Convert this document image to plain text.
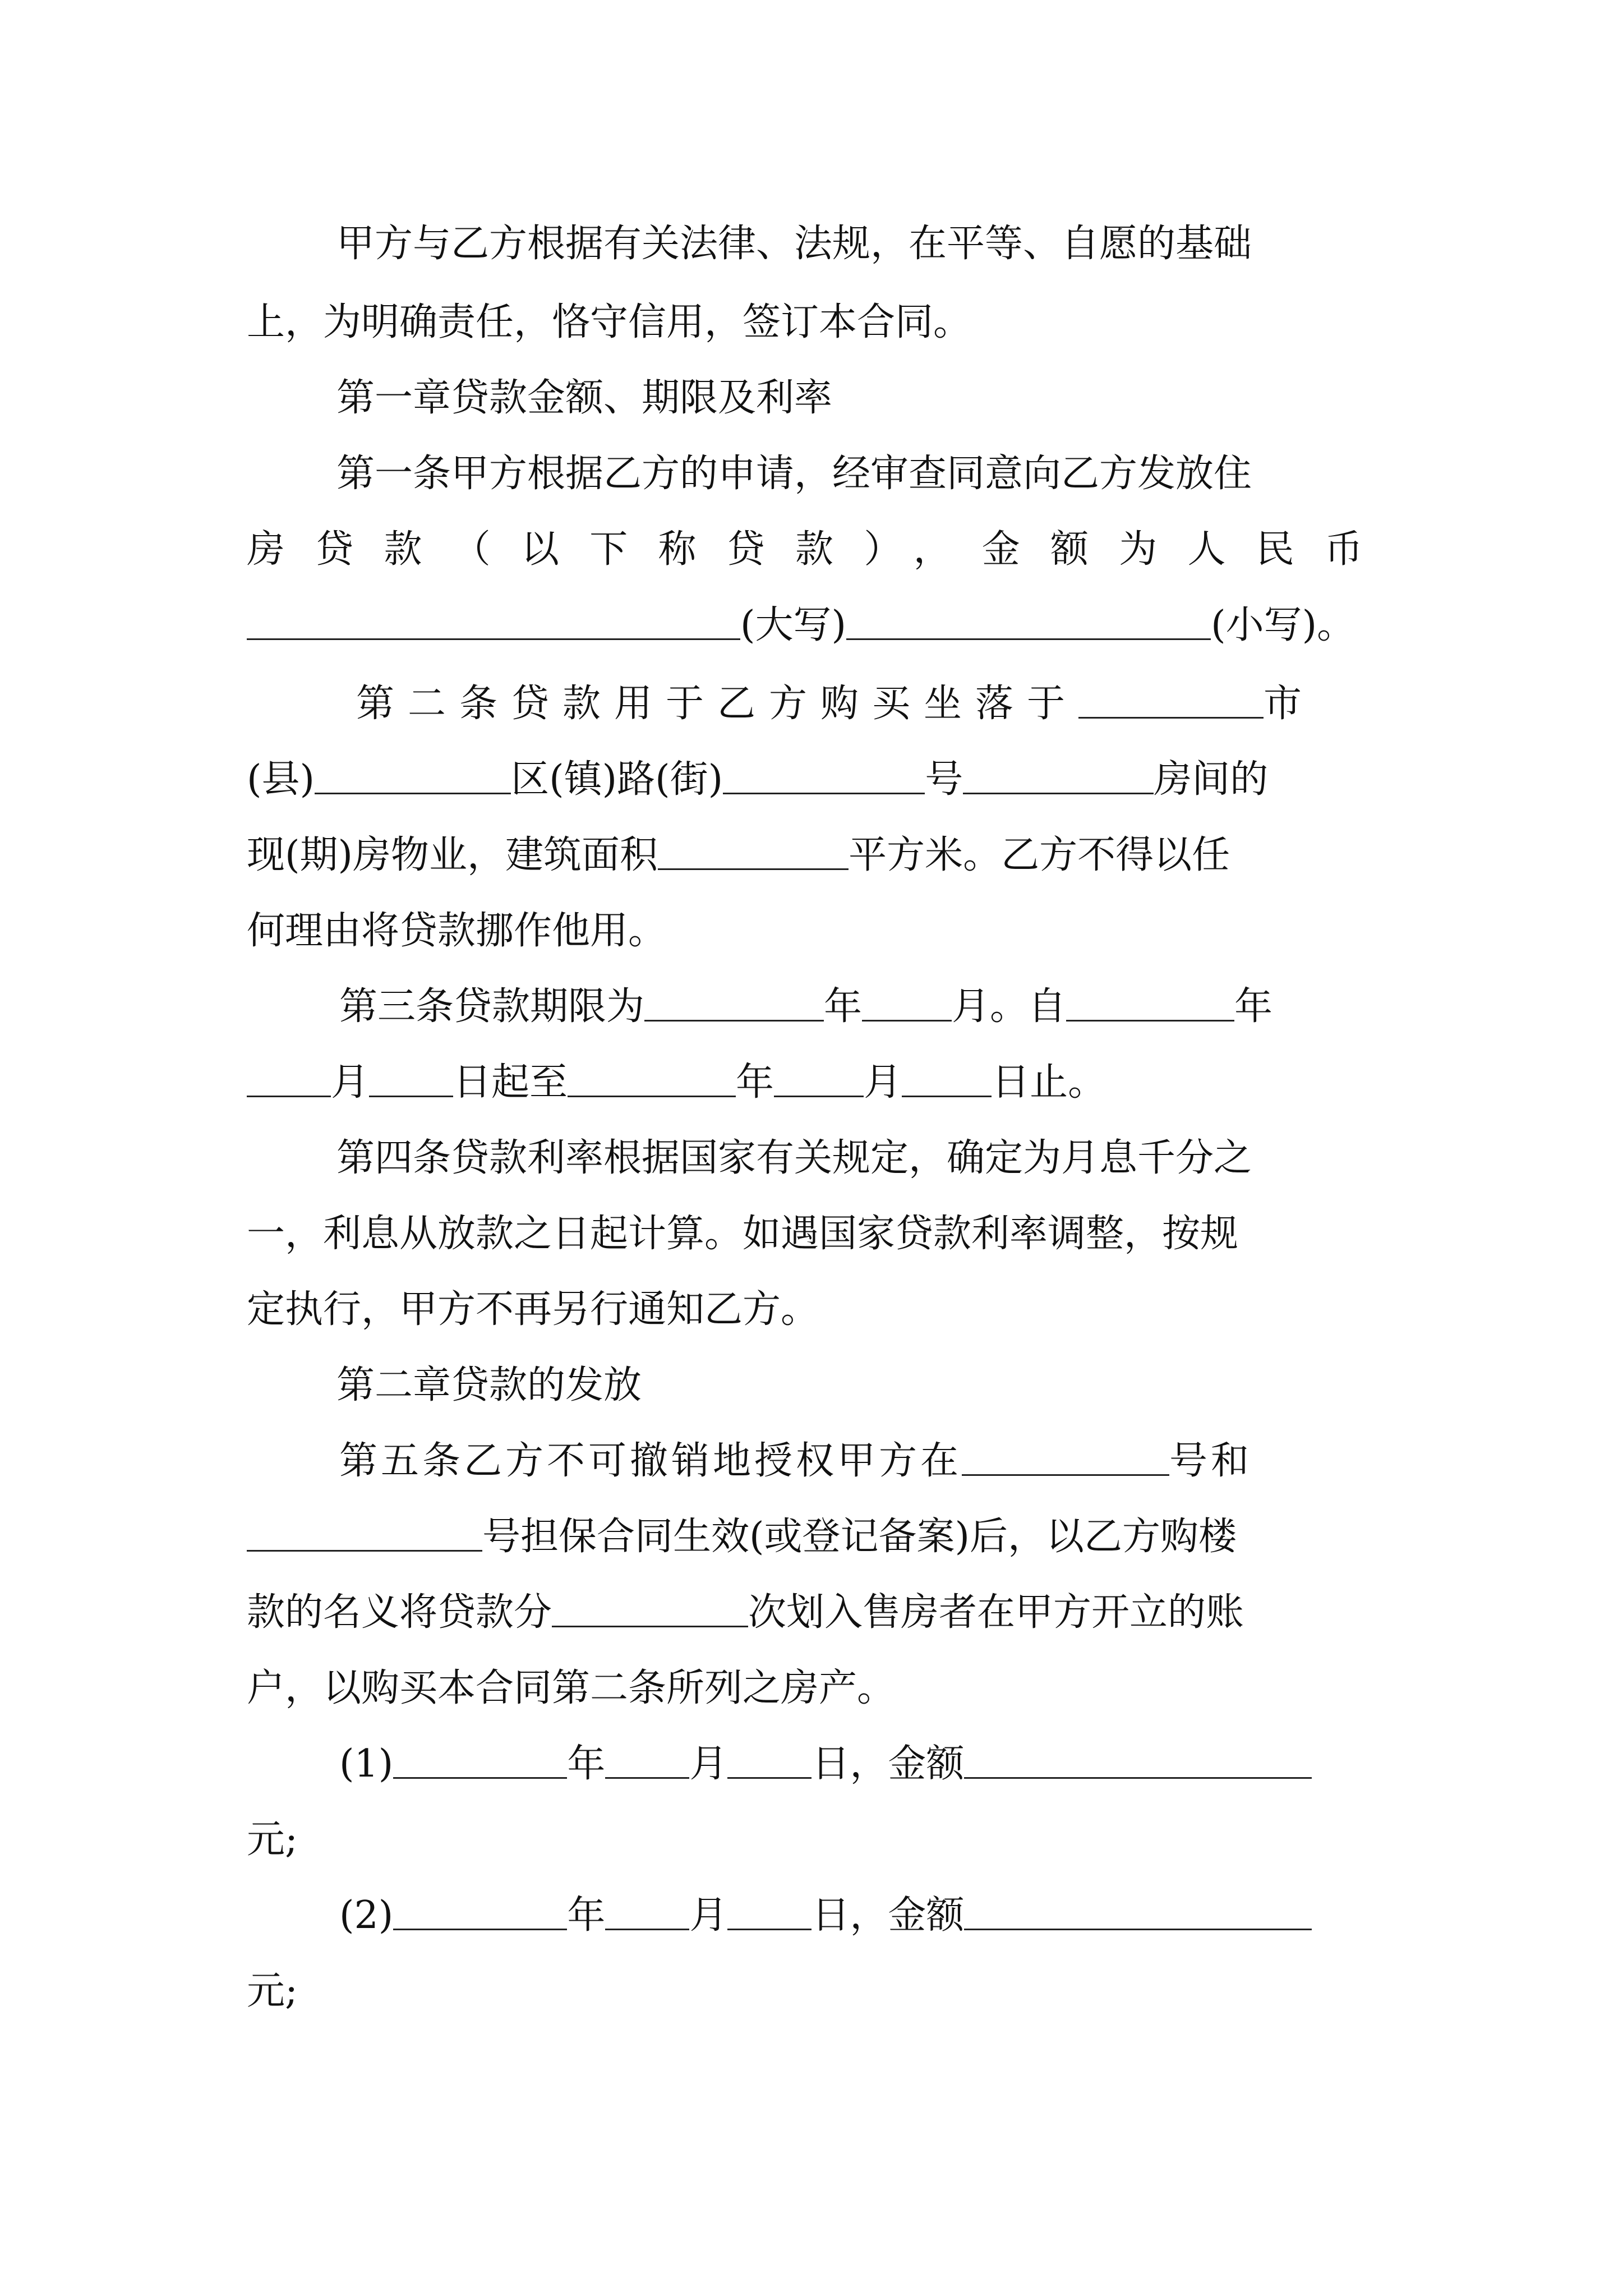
甲方与乙方根据有关法律、法规，在平等、自愿的基础
上，为明确责任，恪守信用，签订本合同。
第一章贷款金额、期限及利率
第一条甲方根据乙方的申请，经审查同意向乙方发放住
房贷款（以下称贷款），金额为人民币
(大写)	(小写)。
第二条贷款用于乙方购买坐落于	市
(县)	区(镇)路(街)	号	房间的
现(期)房物业，建筑面积	平方米。乙方不得以任
何理由将贷款挪作他用。
第三条贷款期限为	年 月。自	年
月 日起至	年 月 日止。
第四条贷款利率根据国家有关规定，确定为月息千分之
一，利息从放款之日起计算。如遇国家贷款利率调整，按规
定执行，甲方不再另行通知乙方。
第二章贷款的发放
第五条乙方不可撤销地授权甲方在	号和
号担保合同生效(或登记备案)后，以乙方购楼
款的名义将贷款分	次划入售房者在甲方开立的账
户，以购买本合同第二条所列之房产。
(1)	年 月 日，金额
元;
(2)	年 月 日，金额
元;
